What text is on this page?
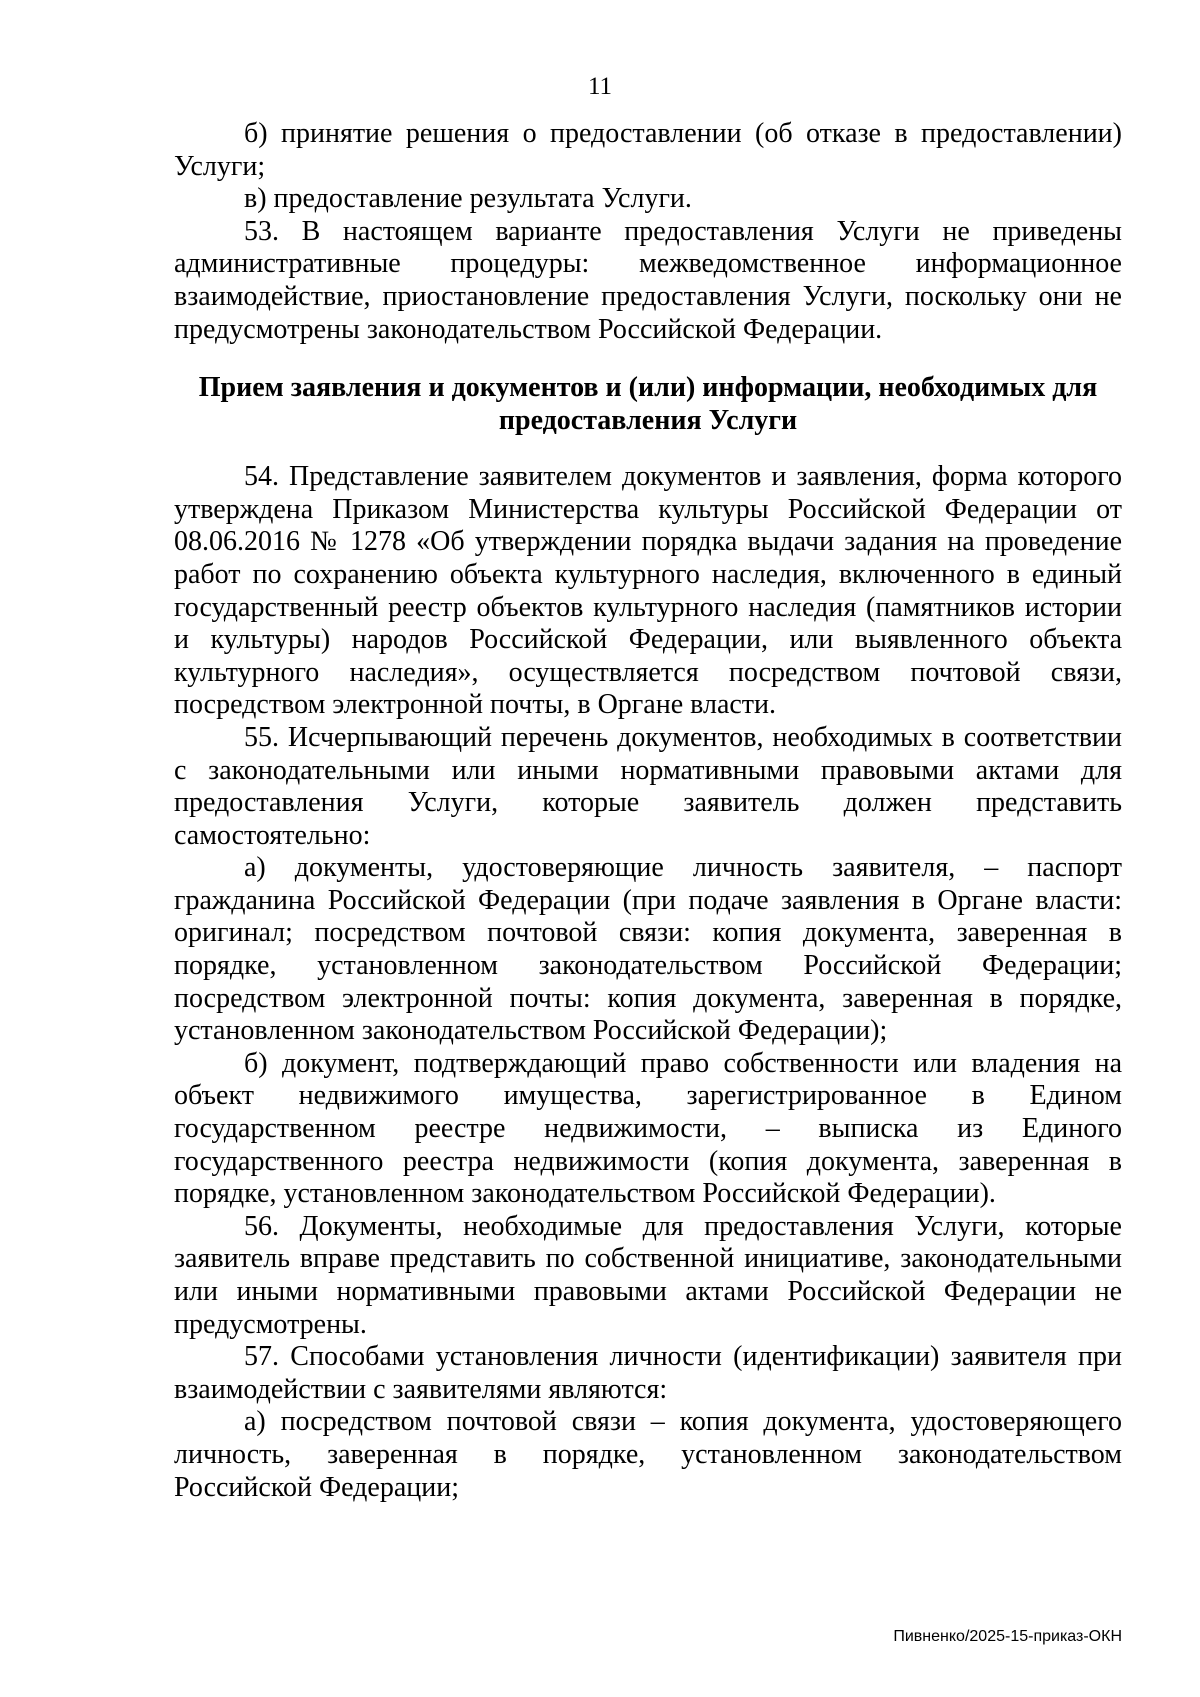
11

б) принятие решения о предоставлении (об отказе в предоставлении) Услуги;

в) предоставление результата Услуги.

53. В настоящем варианте предоставления Услуги не приведены административные процедуры: межведомственное информационное взаимодействие, приостановление предоставления Услуги, поскольку они не предусмотрены законодательством Российской Федерации.

Прием заявления и документов и (или) информации, необходимых для
предоставления Услуги

54. Представление заявителем документов и заявления, форма которого утверждена Приказом Министерства культуры Российской Федерации от 08.06.2016 № 1278 «Об утверждении порядка выдачи задания на проведение работ по сохранению объекта культурного наследия, включенного в единый государственный реестр объектов культурного наследия (памятников истории и культуры) народов Российской Федерации, или выявленного объекта культурного наследия», осуществляется посредством почтовой связи, посредством электронной почты, в Органе власти.

55. Исчерпывающий перечень документов, необходимых в соответствии с законодательными или иными нормативными правовыми актами для предоставления Услуги, которые заявитель должен представить самостоятельно:

а) документы, удостоверяющие личность заявителя, – паспорт гражданина Российской Федерации (при подаче заявления в Органе власти: оригинал; посредством почтовой связи: копия документа, заверенная в порядке, установленном законодательством Российской Федерации; посредством электронной почты: копия документа, заверенная в порядке, установленном законодательством Российской Федерации);

б) документ, подтверждающий право собственности или владения на объект недвижимого имущества, зарегистрированное в Едином государственном реестре недвижимости, – выписка из Единого государственного реестра недвижимости (копия документа, заверенная в порядке, установленном законодательством Российской Федерации).

56. Документы, необходимые для предоставления Услуги, которые заявитель вправе представить по собственной инициативе, законодательными или иными нормативными правовыми актами Российской Федерации не предусмотрены.

57. Способами установления личности (идентификации) заявителя при взаимодействии с заявителями являются:

а) посредством почтовой связи – копия документа, удостоверяющего личность, заверенная в порядке, установленном законодательством Российской Федерации;

Пивненко/2025-15-приказ-ОКН
